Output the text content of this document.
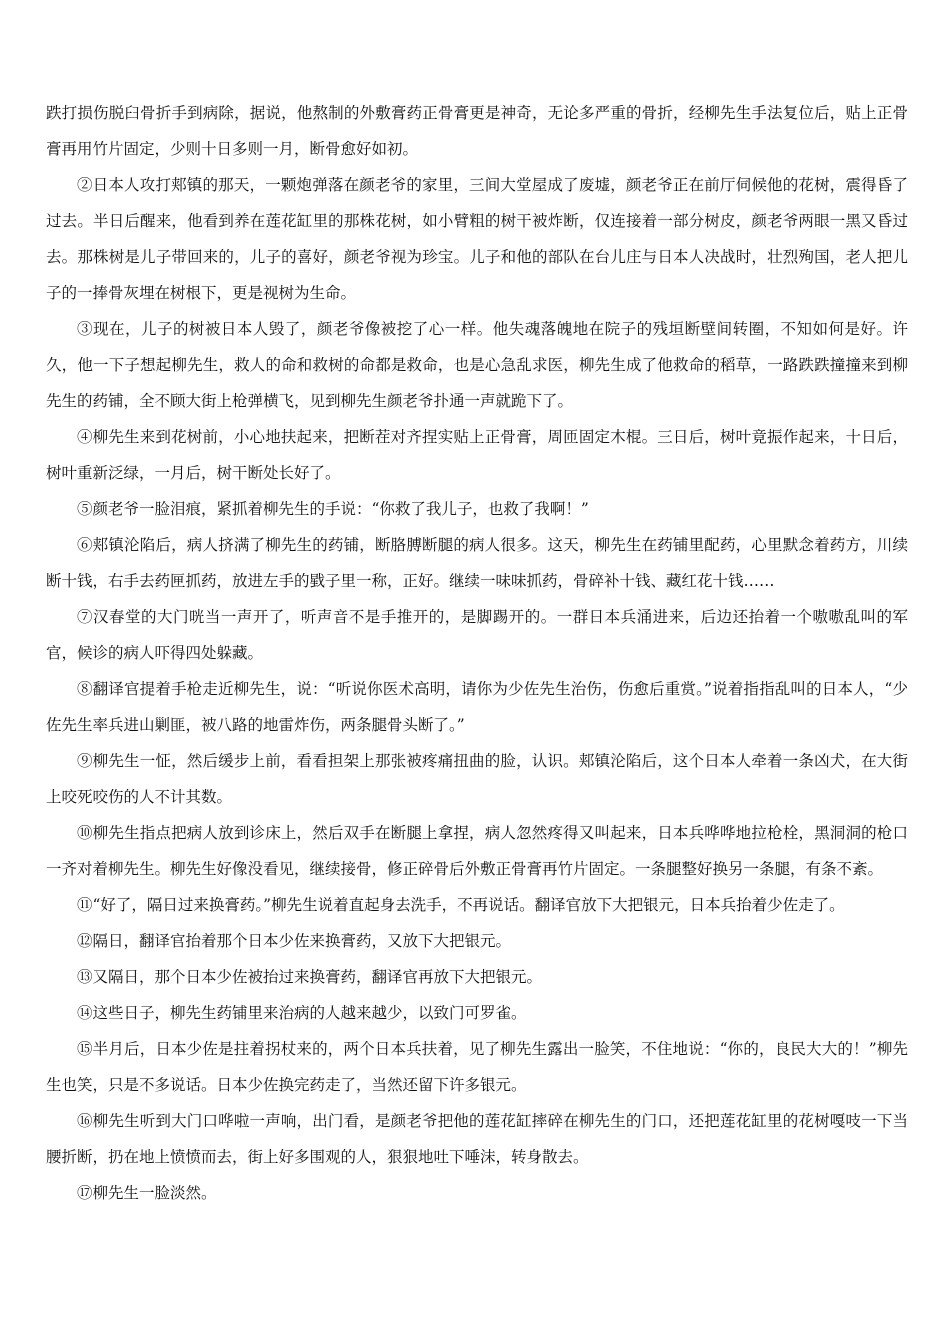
跌打损伤脱臼骨折手到病除，据说，他熬制的外敷膏药正骨膏更是神奇，无论多严重的骨折，经柳先生手法复位后，贴上正骨膏再用竹片固定，少则十日多则一月，断骨愈好如初。

②日本人攻打郏镇的那天，一颗炮弹落在颜老爷的家里，三间大堂屋成了废墟，颜老爷正在前厅伺候他的花树，震得昏了过去。半日后醒来，他看到养在莲花缸里的那株花树，如小臂粗的树干被炸断，仅连接着一部分树皮，颜老爷两眼一黑又昏过去。那株树是儿子带回来的，儿子的喜好，颜老爷视为珍宝。儿子和他的部队在台儿庄与日本人决战时，壮烈殉国，老人把儿子的一捧骨灰埋在树根下，更是视树为生命。

③现在，儿子的树被日本人毁了，颜老爷像被挖了心一样。他失魂落魄地在院子的残垣断壁间转圈，不知如何是好。许久，他一下子想起柳先生，救人的命和救树的命都是救命，也是心急乱求医，柳先生成了他救命的稻草，一路跌跌撞撞来到柳先生的药铺，全不顾大街上枪弹横飞，见到柳先生颜老爷扑通一声就跪下了。

④柳先生来到花树前，小心地扶起来，把断茬对齐捏实贴上正骨膏，周匝固定木棍。三日后，树叶竟振作起来，十日后，树叶重新泛绿，一月后，树干断处长好了。

⑤颜老爷一脸泪痕，紧抓着柳先生的手说：“你救了我儿子，也救了我啊！”

⑥郏镇沦陷后，病人挤满了柳先生的药铺，断胳膊断腿的病人很多。这天，柳先生在药铺里配药，心里默念着药方，川续断十钱，右手去药匣抓药，放进左手的戥子里一称，正好。继续一味味抓药，骨碎补十钱、藏红花十钱……

⑦汉春堂的大门咣当一声开了，听声音不是手推开的，是脚踢开的。一群日本兵涌进来，后边还抬着一个嗷嗷乱叫的军官，候诊的病人吓得四处躲藏。

⑧翻译官提着手枪走近柳先生，说：“听说你医术高明，请你为少佐先生治伤，伤愈后重赏。”说着指指乱叫的日本人，“少佐先生率兵进山剿匪，被八路的地雷炸伤，两条腿骨头断了。”

⑨柳先生一怔，然后缓步上前，看看担架上那张被疼痛扭曲的脸，认识。郏镇沦陷后，这个日本人牵着一条凶犬，在大街上咬死咬伤的人不计其数。

⑩柳先生指点把病人放到诊床上，然后双手在断腿上拿捏，病人忽然疼得又叫起来，日本兵哗哗地拉枪栓，黑洞洞的枪口一齐对着柳先生。柳先生好像没看见，继续接骨，修正碎骨后外敷正骨膏再竹片固定。一条腿整好换另一条腿，有条不紊。

⑪“好了，隔日过来换膏药。”柳先生说着直起身去洗手，不再说话。翻译官放下大把银元，日本兵抬着少佐走了。

⑫隔日，翻译官抬着那个日本少佐来换膏药，又放下大把银元。

⑬又隔日，那个日本少佐被抬过来换膏药，翻译官再放下大把银元。

⑭这些日子，柳先生药铺里来治病的人越来越少，以致门可罗雀。

⑮半月后，日本少佐是拄着拐杖来的，两个日本兵扶着，见了柳先生露出一脸笑，不住地说：“你的，良民大大的！”柳先生也笑，只是不多说话。日本少佐换完药走了，当然还留下许多银元。

⑯柳先生听到大门口哗啦一声响，出门看，是颜老爷把他的莲花缸摔碎在柳先生的门口，还把莲花缸里的花树嘎吱一下当腰折断，扔在地上愤愤而去，街上好多围观的人，狠狠地吐下唾沫，转身散去。

⑰柳先生一脸淡然。
